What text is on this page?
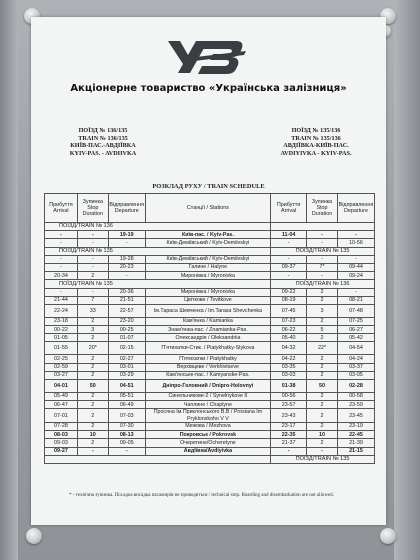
Акціонерне товариство «Українська залізниця»
ПОЇЗД № 136/135
TRAIN № 136/135
КИЇВ-ПАС.-АВДІЇВКА
KYIV-PAS. - AVDIIVKA
ПОЇЗД № 135/136
TRAIN № 135/136
АВДІЇВКА-КИЇВ-ПАС.
AVDIYIVKA - KYIV-PAS.
РОЗКЛАД РУХУ / TRAIN SCHEDULE
Прибуття Arrival	Зупинка Stop Duration	Відправлення Departure	Станції / Stations	Прибуття Arrival	Зупинка Stop Duration	Відправлення Departure
ПОЇЗД/TRAIN № 136						
-	-	19-19	Київ-пас. / Kyiv-Pas.	11-04	-	-
-	-	-	Київ-Деміївський / Kyiv-Demiivskyi	-	-	10-56
ПОЇЗД/TRAIN № 135				ПОЇЗД/TRAIN № 135		
-	-	19-28	Київ-Деміївський / Kyiv-Demiivskyi	-	-	-
-	-	20-23	Галине / Halyne	09-37	7*	09-44
20-34	2	-	Миронівка / Myronivka	-	-	09-24
ПОЇЗД/TRAIN № 135				ПОЇЗД/TRAIN № 136		
-	-	20-36	Миронівка / Myronivka	09-22	2	-
21-44	7	21-51	Цвіткове / Tsvitkove	08-19	2	08-21
22-24	33	22-57	Ім.Тараса Шевченка / Im.Tarasa Shevchenka	07-45	3	07-48
23-18	2	23-20	Кам'янка / Kamianka	07-23	2	07-25
00-22	3	00-25	Знам'янка-пас. / Znamianka-Pas.	06-22	5	06-27
01-05	2	01-07	Олександрія / Oleksandriia	05-40	2	05-42
01-55	20*	02-15	П'ятихатки-Стик. / Piatykhatky-Stykova	04-32	22*	04-54
02-25	2	02-27	П'ятихатки / Piatykhatky	04-22	2	04-24
02-59	2	03-01	Верхівцеве / Verkhivtseve	03-35	2	03-37
03-27	2	03-29	Кам'янське-пас. / Kamyanske-Pas.	03-03	2	03-05
04-01	50	04-51	Дніпро-Головний / Dnipro-Holovnyi	01-38	50	02-28
05-49	2	05-51	Синельникове-2 / Synelnykove II	00-56	2	00-58
06-47	2	06-49	Чаплине / Chaplyne	23-57	2	23-59
07-01	2	07-03	Просяна Ім.Приклонського В.В / Prosiana Im Pryklonskoho V V	23-43	2	23-45
07-28	2	07-30	Межова / Mezhova	23-17	2	23-19
08-03	10	08-13	Покровськ / Pokrovsk	22-35	10	22-45
09-03	2	09-05	Очеретине/Ocheretyne	21-37	2	21-39
09-27	-	-	Авдіївка/Avdiyivka	-	-	21-15
				ПОЇЗД/TRAIN № 135		
* - технічна зупинка. Посадка висадка пасажирів не проводиться / technical stop. Boarding and disembarkation are not allowed.
